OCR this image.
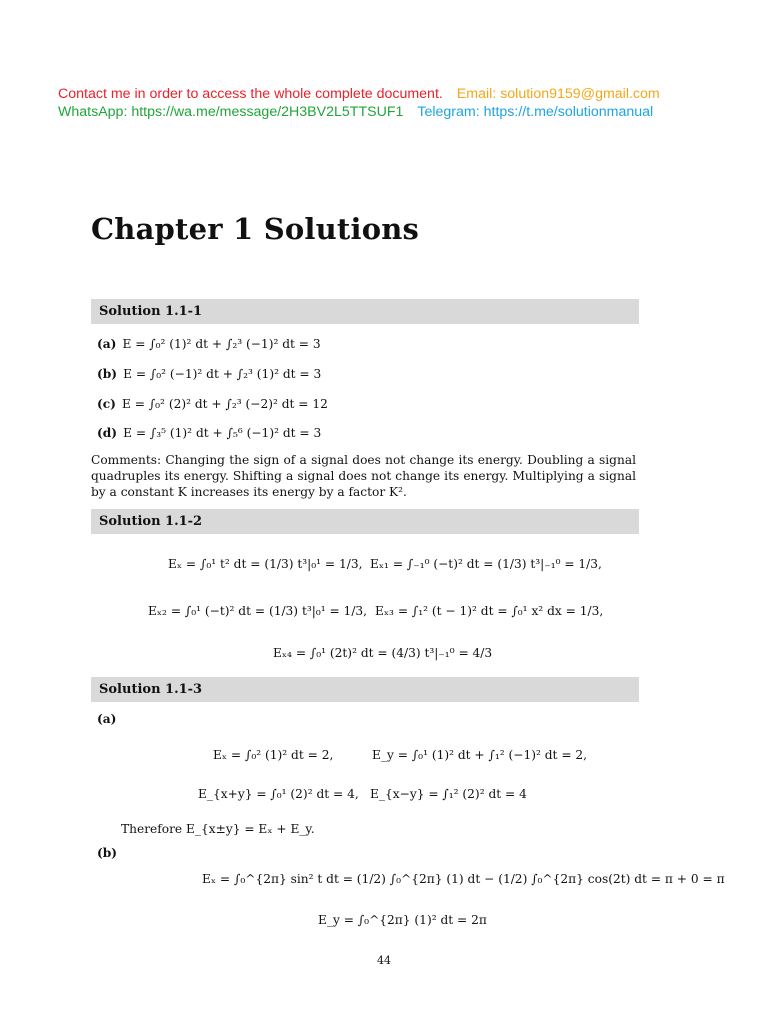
Contact me in order to access the whole complete document. Email: solution9159@gmail.com
WhatsApp: https://wa.me/message/2H3BV2L5TTSUF1 Telegram: https://t.me/solutionmanual
Chapter 1 Solutions
Solution 1.1-1
(a) E = ∫₀² (1)² dt + ∫₂³ (−1)² dt = 3
(b) E = ∫₀² (−1)² dt + ∫₂³ (1)² dt = 3
(c) E = ∫₀² (2)² dt + ∫₂³ (−2)² dt = 12
(d) E = ∫₃⁵ (1)² dt + ∫₅⁶ (−1)² dt = 3
Comments: Changing the sign of a signal does not change its energy. Doubling a signal quadruples its energy. Shifting a signal does not change its energy. Multiplying a signal by a constant K increases its energy by a factor K².
Solution 1.1-2
Eₓ = ∫₀¹ t² dt = (1/3) t³|₀¹ = 1/3, Eₓ₁ = ∫₋₁⁰ (−t)² dt = (1/3) t³|₋₁⁰ = 1/3,
Eₓ₂ = ∫₀¹ (−t)² dt = (1/3) t³|₀¹ = 1/3, Eₓ₃ = ∫₁² (t − 1)² dt = ∫₀¹ x² dx = 1/3,
Eₓ₄ = ∫₀¹ (2t)² dt = (4/3) t³|₋₁⁰ = 4/3
Solution 1.1-3
(a)
Eₓ = ∫₀² (1)² dt = 2,	E_y = ∫₀¹ (1)² dt + ∫₁² (−1)² dt = 2,
E_{x+y} = ∫₀¹ (2)² dt = 4, E_{x−y} = ∫₁² (2)² dt = 4
Therefore E_{x±y} = Eₓ + E_y.
(b)
Eₓ = ∫₀^{2π} sin² t dt = (1/2) ∫₀^{2π} (1) dt − (1/2) ∫₀^{2π} cos(2t) dt = π + 0 = π
E_y = ∫₀^{2π} (1)² dt = 2π
44
